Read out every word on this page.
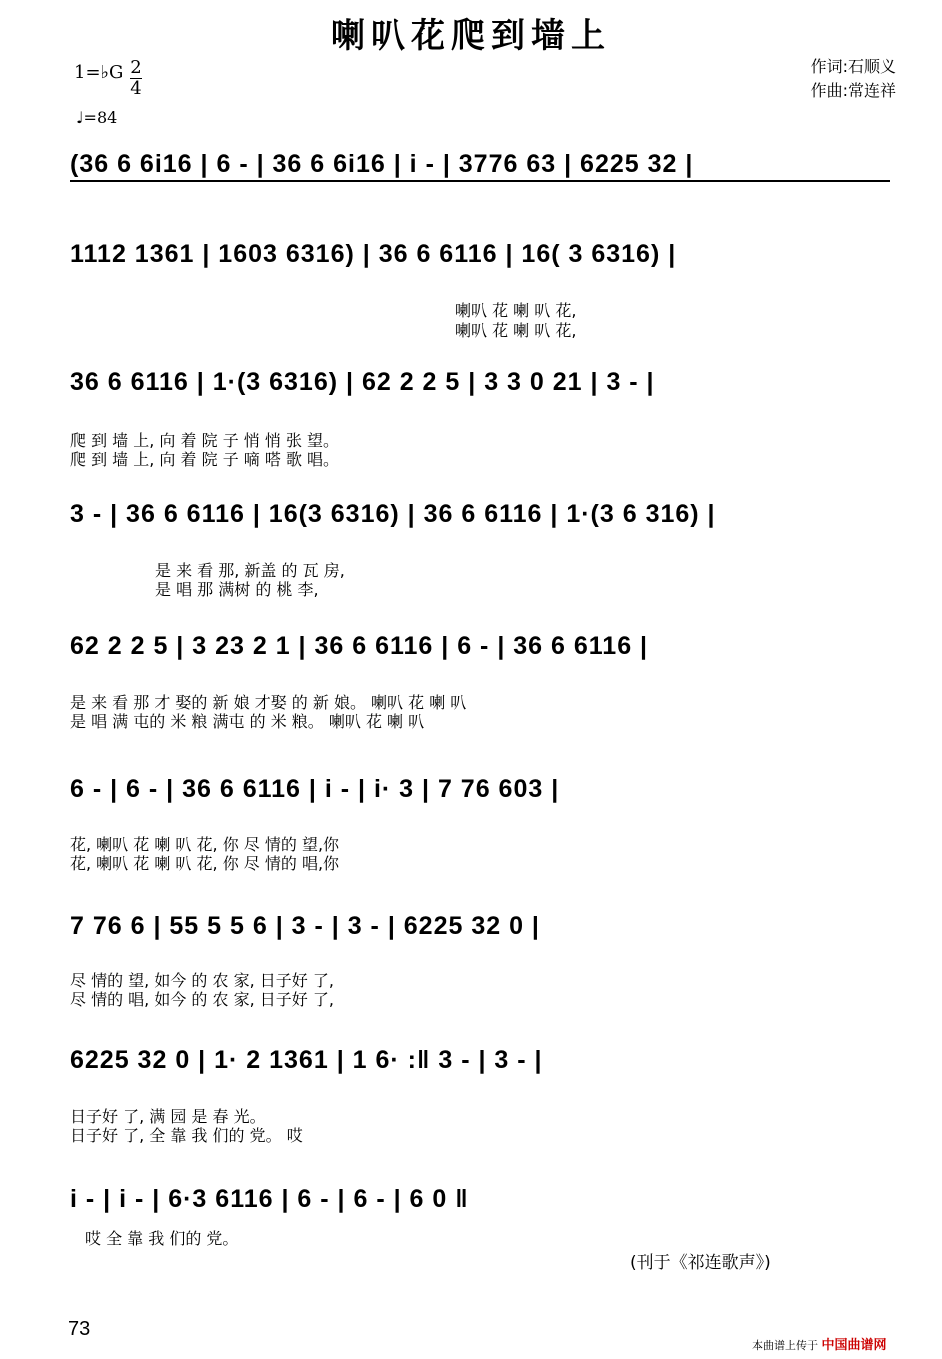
喇叭花爬到墙上
作词:石顺义
作曲:常连祥
1=♭G 2
4
♩=84
(36 6 6i16 | 6 - | 36 6 6i16 | i - | 3776 63 | 6225 32 |
1112 1361 | 1603 6316) | 36 6 6116 | 16( 3 6316) |
喇叭 花 喇 叭 花,
喇叭 花 喇 叭 花,
36 6 6116 | 1·(3 6316) | 62 2 2 5 | 3 3 0 21 | 3 - |
爬 到 墙 上, 向 着 院 子 悄 悄 张 望。
爬 到 墙 上, 向 着 院 子 嘀 嗒 歌 唱。
3 - | 36 6 6116 | 16(3 6316) | 36 6 6116 | 1·(3 6 316) |
是 来 看 那, 新盖 的 瓦 房,
是 唱 那 满树 的 桃 李,
62 2 2 5 | 3 23 2 1 | 36 6 6116 | 6 - | 36 6 6116 |
是 来 看 那 才 娶的 新 娘 才娶 的 新 娘。 喇叭 花 喇 叭
是 唱 满 屯的 米 粮 满屯 的 米 粮。 喇叭 花 喇 叭
6 - | 6 - | 36 6 6116 | i - | i· 3 | 7 76 603 |
花, 喇叭 花 喇 叭 花, 你 尽 情的 望,你
花, 喇叭 花 喇 叭 花, 你 尽 情的 唱,你
7 76 6 | 55 5 5 6 | 3 - | 3 - | 6225 32 0 |
尽 情的 望, 如今 的 农 家, 日子好 了,
尽 情的 唱, 如今 的 农 家, 日子好 了,
6225 32 0 | 1· 2 1361 | 1 6· :‖ 3 - | 3 - |
日子好 了, 满 园 是 春 光。
日子好 了, 全 靠 我 们的 党。 哎
i - | i - | 6·3 6116 | 6 - | 6 - | 6 0 ‖
哎 全 靠 我 们的 党。
(刊于《祁连歌声》)
73
本曲谱上传于 中国曲谱网
